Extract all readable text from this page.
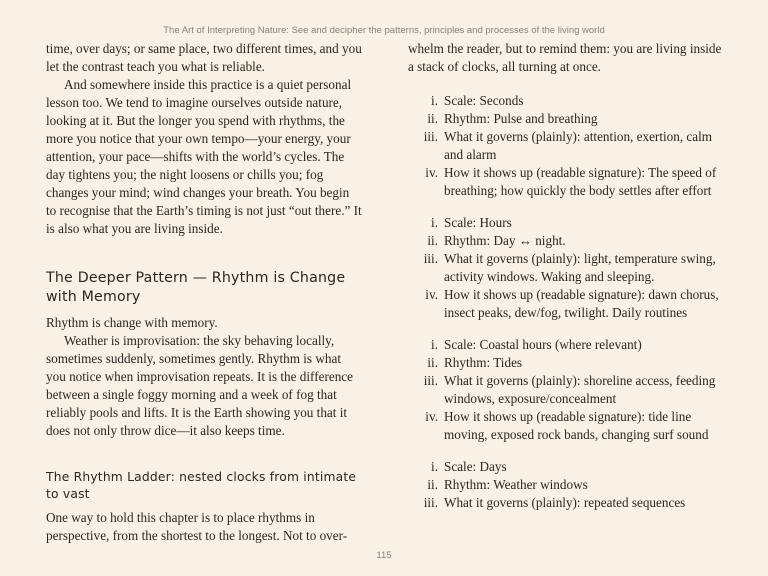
The Art of Interpreting Nature: See and decipher the patterns, principles and processes of the living world

time, over days; or same place, two different times, and you let the contrast teach you what is reliable.

And somewhere inside this practice is a quiet personal lesson too. We tend to imagine ourselves outside nature, looking at it. But the longer you spend with rhythms, the more you notice that your own tempo—your energy, your attention, your pace—shifts with the world’s cycles. The day tightens you; the night loosens or chills you; fog changes your mind; wind changes your breath. You begin to recognise that the Earth’s timing is not just “out there.” It is also what you are living inside.

The Deeper Pattern — Rhythm is Change with Memory

Rhythm is change with memory.

Weather is improvisation: the sky behaving locally, sometimes suddenly, sometimes gently. Rhythm is what you notice when improvisation repeats. It is the difference between a single foggy morning and a week of fog that reliably pools and lifts. It is the Earth showing you that it does not only throw dice—it also keeps time.

The Rhythm Ladder: nested clocks from intimate to vast

One way to hold this chapter is to place rhythms in perspective, from the shortest to the longest. Not to over-

whelm the reader, but to remind them: you are living inside a stack of clocks, all turning at once.

i. Scale: Seconds
ii. Rhythm: Pulse and breathing
iii. What it governs (plainly): attention, exertion, calm and alarm
iv. How it shows up (readable signature): The speed of breathing; how quickly the body settles after effort
i. Scale: Hours
ii. Rhythm: Day ↔ night.
iii. What it governs (plainly): light, temperature swing, activity windows. Waking and sleeping.
iv. How it shows up (readable signature): dawn chorus, insect peaks, dew/fog, twilight. Daily routines
i. Scale: Coastal hours (where relevant)
ii. Rhythm: Tides
iii. What it governs (plainly): shoreline access, feeding windows, exposure/concealment
iv. How it shows up (readable signature): tide line moving, exposed rock bands, changing surf sound
i. Scale: Days
ii. Rhythm: Weather windows
iii. What it governs (plainly): repeated sequences
115
